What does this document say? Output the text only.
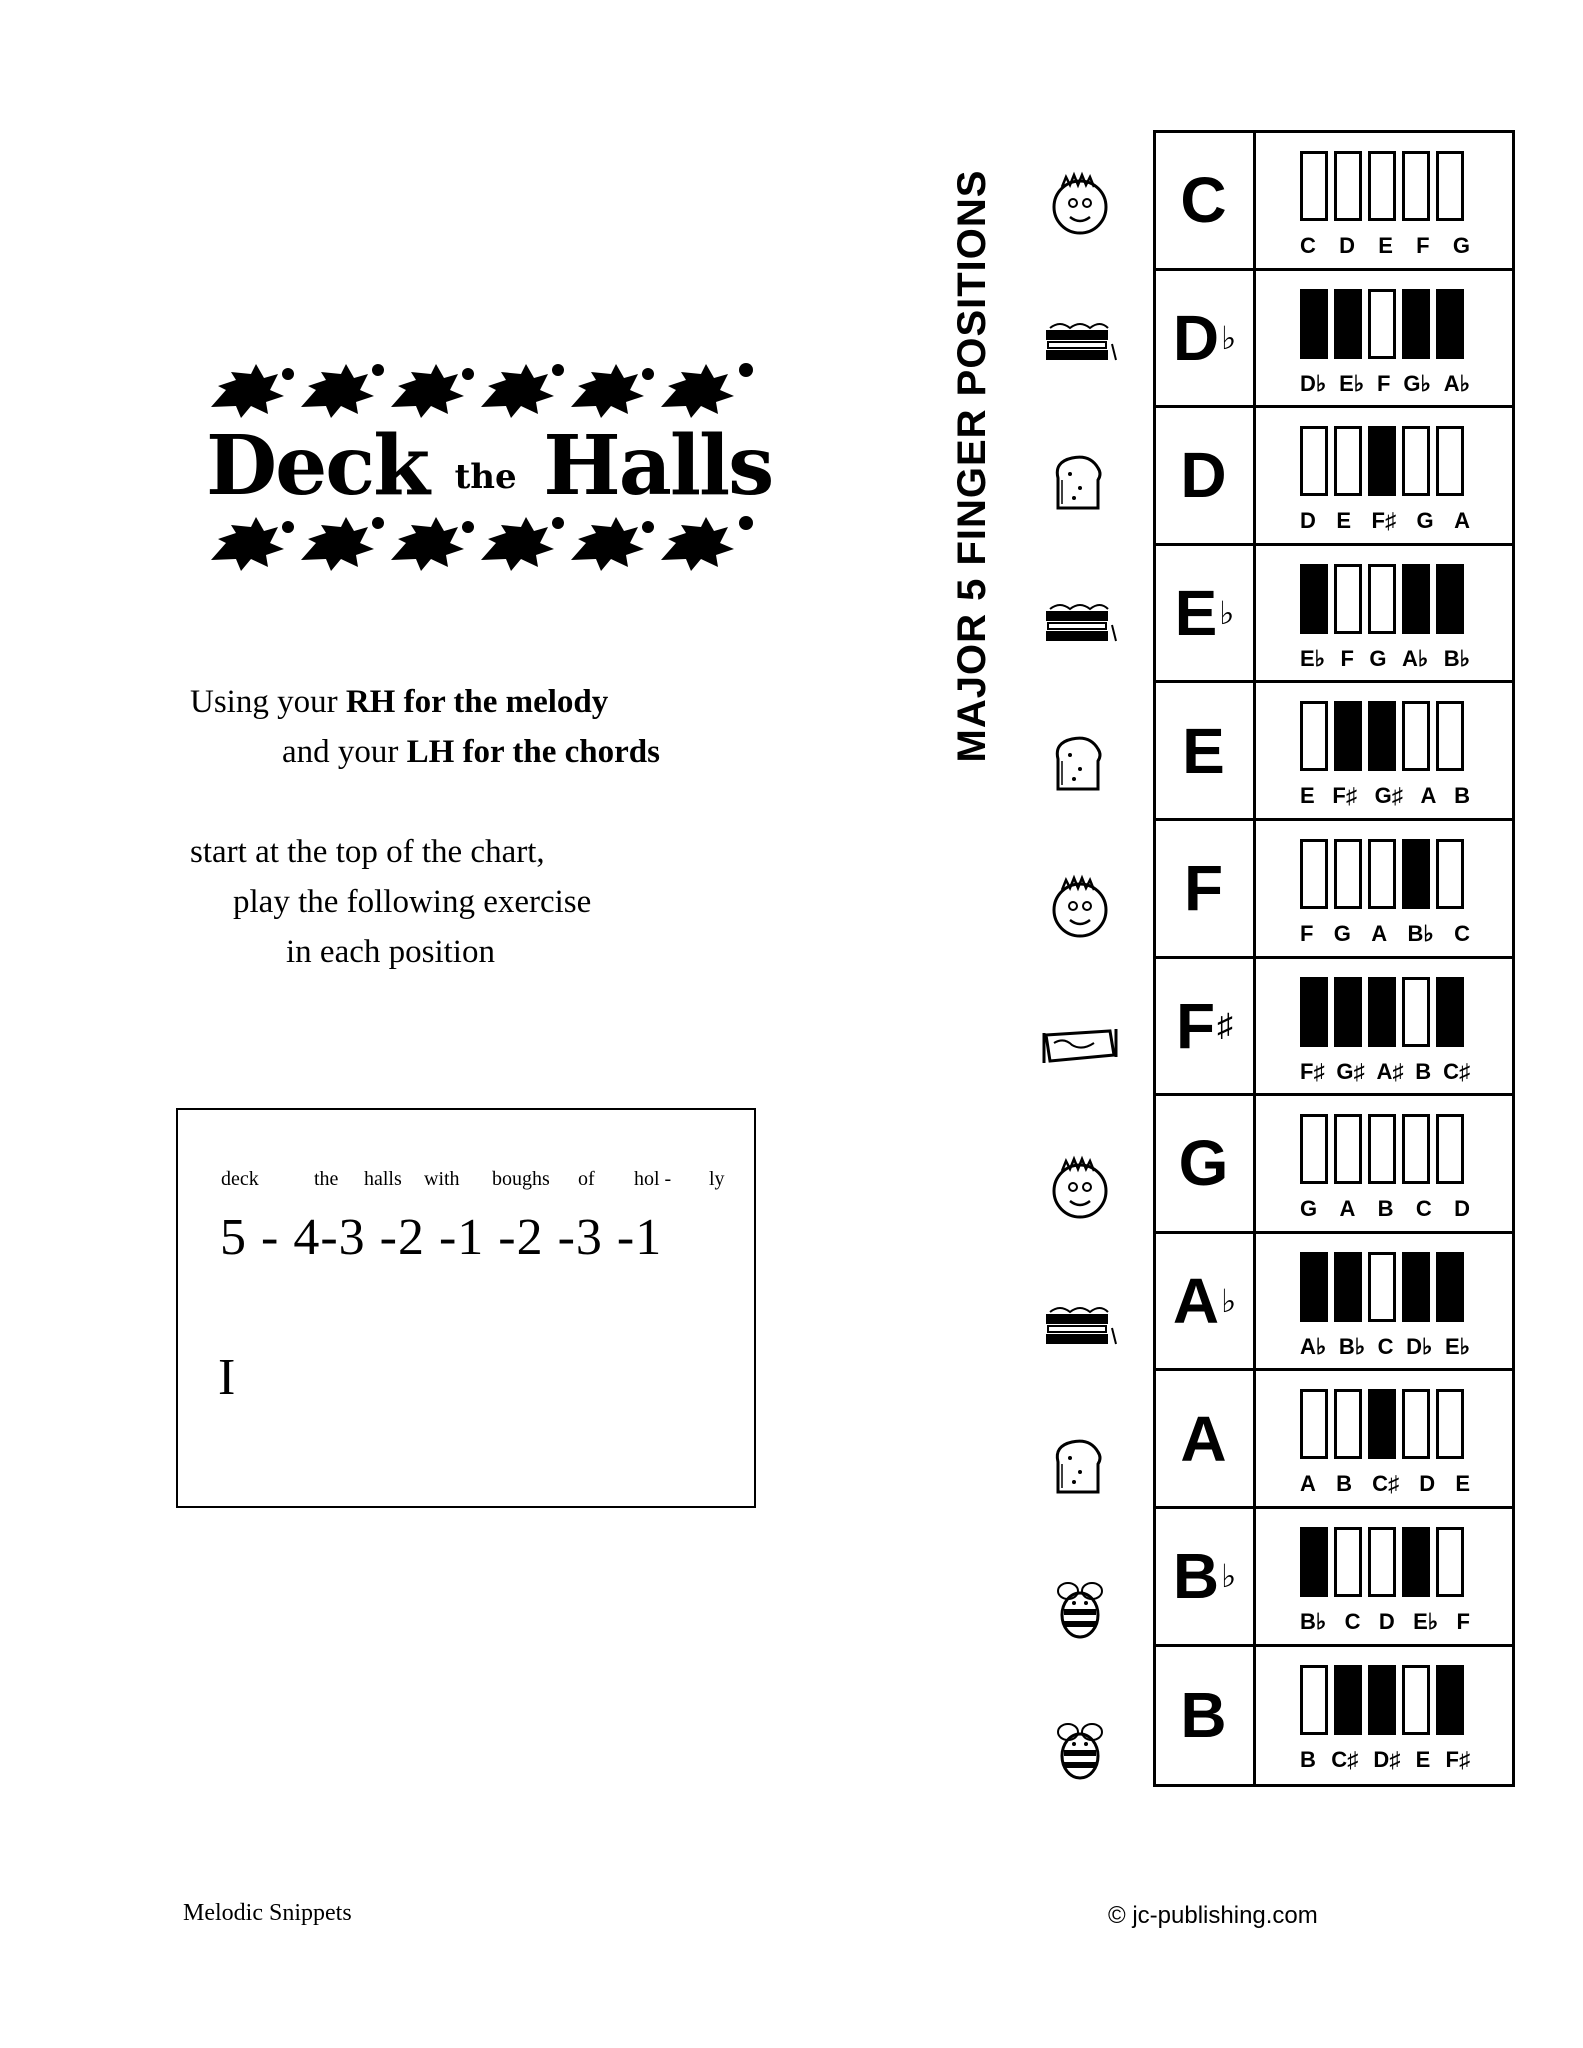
Deck the Halls
Using your RH for the melody
and your LH for the chords
start at the top of the chart,
play the following exercise
in each position
deck	the halls with boughs of hol - ly
5 - 4-3 -2 -1 -2 -3 -1
I
MAJOR 5 FINGER POSITIONS	C
C D E F G
D ♭
D♭ E♭ F G♭ A♭
D
D E F♯ G A
E ♭
E♭ F G A♭ B♭
E
E F♯ G♯ A B
F
F G A B♭ C
F ♯
F♯ G♯ A♯ B C♯
G
G A B C D
A ♭
A♭ B♭ C D♭ E♭
A
A B C♯ D E
B ♭
B♭ C D E♭ F
B
B C♯ D♯ E F♯
Melodic Snippets	© jc-publishing.com
